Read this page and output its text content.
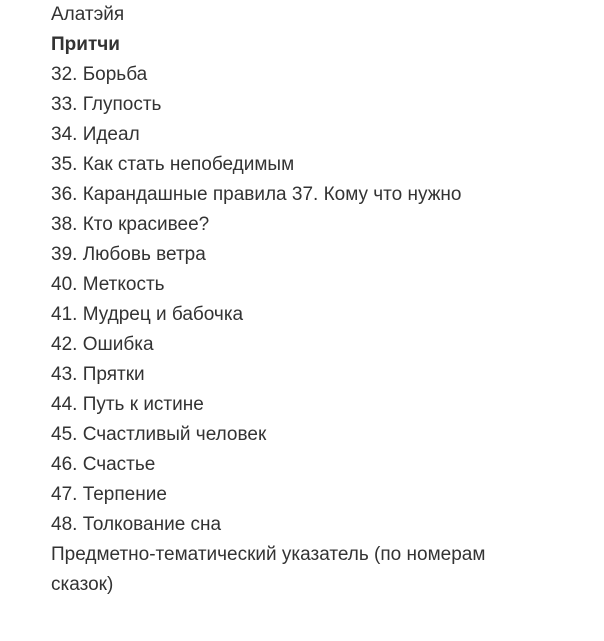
Алатэйя
Притчи
32. Борьба
33. Глупость
34. Идеал
35. Как стать непобедимым
36. Карандашные правила 37. Кому что нужно
38. Кто красивее?
39. Любовь ветра
40. Меткость
41. Мудрец и бабочка
42. Ошибка
43. Прятки
44. Путь к истине
45. Счастливый человек
46. Счастье
47. Терпение
48. Толкование сна
Предметно-тематический указатель (по номерам сказок)
